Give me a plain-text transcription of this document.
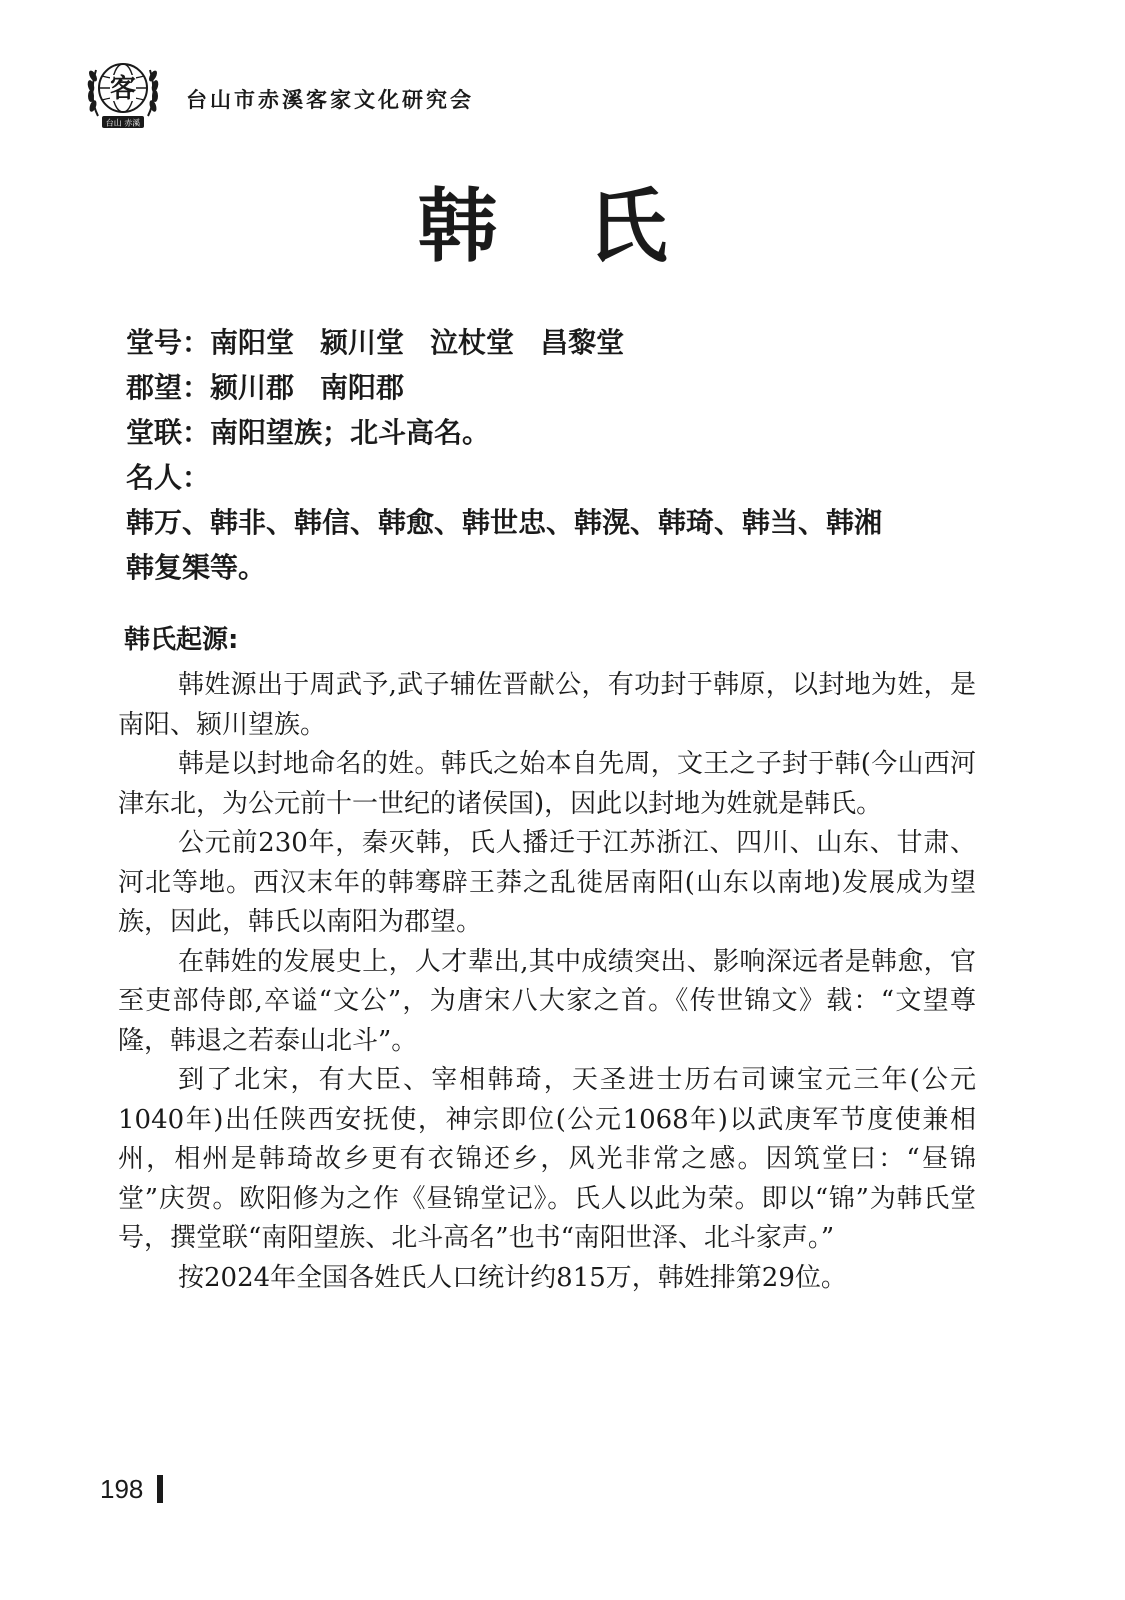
客
台山 赤溪
台山市赤溪客家文化研究会
韩 氏
堂号：南阳堂 颍川堂 泣杖堂 昌黎堂
郡望：颍川郡 南阳郡
堂联：南阳望族；北斗高名。
名人：
韩万、韩非、韩信、韩愈、韩世忠、韩滉、韩琦、韩当、韩湘
韩复榘等。
韩氏起源:

韩姓源出于周武予,武子辅佐晋献公，有功封于韩原，以封地为姓，是南阳、颍川望族。

韩是以封地命名的姓。韩氏之始本自先周，文王之子封于韩(今山西河津东北，为公元前十一世纪的诸侯国)，因此以封地为姓就是韩氏。

公元前230年，秦灭韩，氏人播迁于江苏浙江、四川、山东、甘肃、河北等地。西汉末年的韩骞辟王莽之乱徙居南阳(山东以南地)发展成为望族，因此，韩氏以南阳为郡望。

在韩姓的发展史上，人才辈出,其中成绩突出、影响深远者是韩愈，官至吏部侍郎,卒谥“文公”，为唐宋八大家之首。《传世锦文》载：“文望尊隆，韩退之若泰山北斗”。

到了北宋，有大臣、宰相韩琦，天圣进士历右司谏宝元三年(公元1040年)出任陕西安抚使，神宗即位(公元1068年)以武庚军节度使兼相州，相州是韩琦故乡更有衣锦还乡，风光非常之感。因筑堂曰：“昼锦堂”庆贺。欧阳修为之作《昼锦堂记》。氏人以此为荣。即以“锦”为韩氏堂号，撰堂联“南阳望族、北斗高名”也书“南阳世泽、北斗家声。”

按2024年全国各姓氏人口统计约815万，韩姓排第29位。

198
